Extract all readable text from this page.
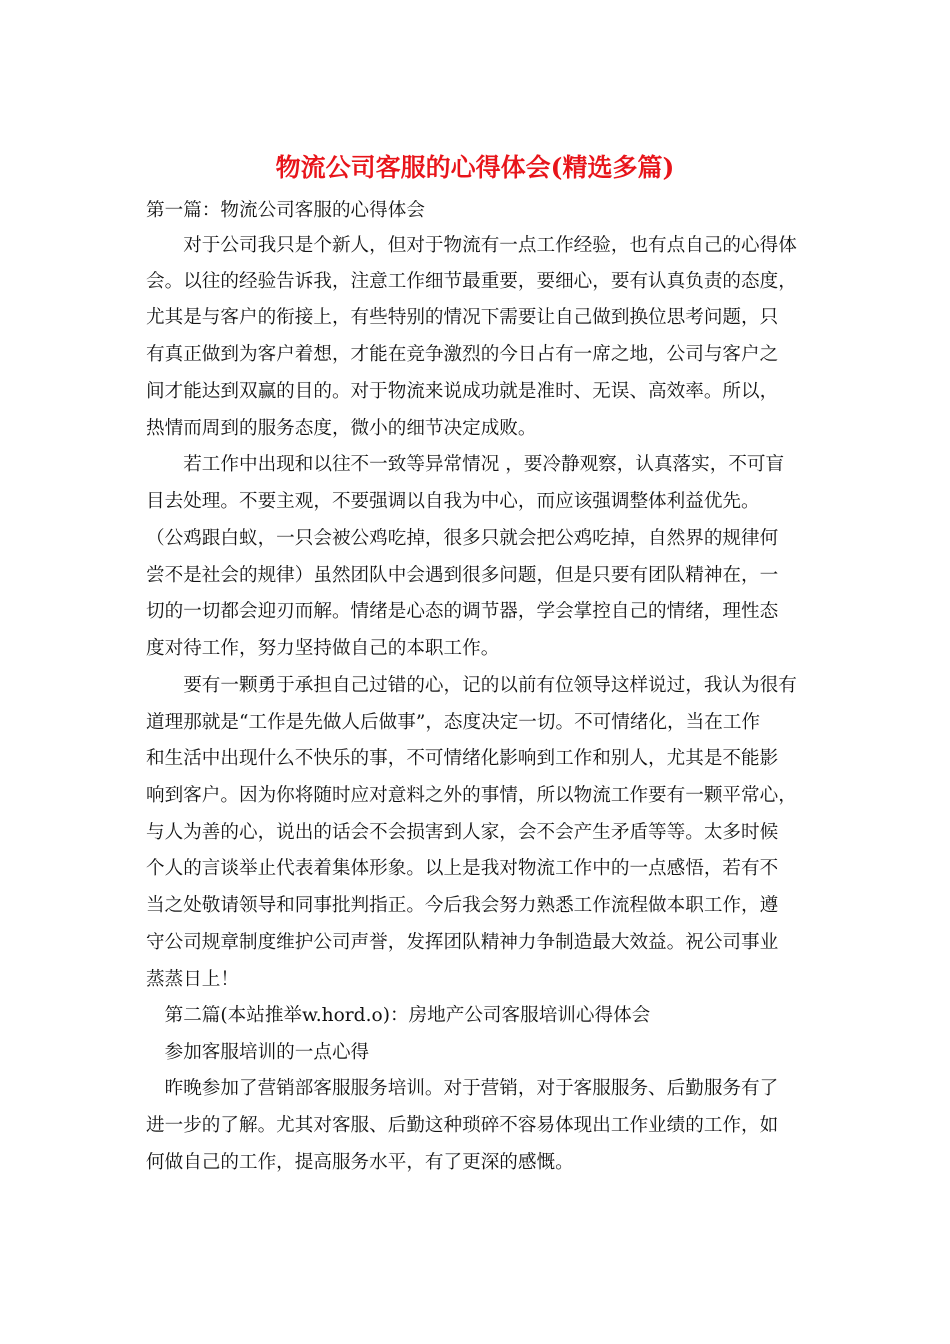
物流公司客服的心得体会(精选多篇)
第一篇：物流公司客服的心得体会
　　对于公司我只是个新人，但对于物流有一点工作经验，也有点自己的心得体
会。以往的经验告诉我，注意工作细节最重要，要细心，要有认真负责的态度，
尤其是与客户的衔接上，有些特别的情况下需要让自己做到换位思考问题，只
有真正做到为客户着想，才能在竞争激烈的今日占有一席之地，公司与客户之
间才能达到双赢的目的。对于物流来说成功就是准时、无误、高效率。所以，
热情而周到的服务态度，微小的细节决定成败。
　　若工作中出现和以往不一致等异常情况 ，要冷静观察，认真落实，不可盲
目去处理。不要主观，不要强调以自我为中心，而应该强调整体利益优先。
（公鸡跟白蚁，一只会被公鸡吃掉，很多只就会把公鸡吃掉，自然界的规律何
尝不是社会的规律）虽然团队中会遇到很多问题，但是只要有团队精神在，一
切的一切都会迎刃而解。情绪是心态的调节器，学会掌控自己的情绪，理性态
度对待工作，努力坚持做自己的本职工作。
　　要有一颗勇于承担自己过错的心，记的以前有位领导这样说过，我认为很有
道理那就是“工作是先做人后做事”，态度决定一切。不可情绪化，当在工作
和生活中出现什么不快乐的事，不可情绪化影响到工作和别人，尤其是不能影
响到客户。因为你将随时应对意料之外的事情，所以物流工作要有一颗平常心，
与人为善的心，说出的话会不会损害到人家，会不会产生矛盾等等。太多时候
个人的言谈举止代表着集体形象。以上是我对物流工作中的一点感悟，若有不
当之处敬请领导和同事批判指正。今后我会努力熟悉工作流程做本职工作，遵
守公司规章制度维护公司声誉，发挥团队精神力争制造最大效益。祝公司事业
蒸蒸日上！
　第二篇(本站推举w.hord.o)：房地产公司客服培训心得体会
　参加客服培训的一点心得
　昨晚参加了营销部客服服务培训。对于营销，对于客服服务、后勤服务有了
进一步的了解。尤其对客服、后勤这种琐碎不容易体现出工作业绩的工作，如
何做自己的工作，提高服务水平，有了更深的感慨。
